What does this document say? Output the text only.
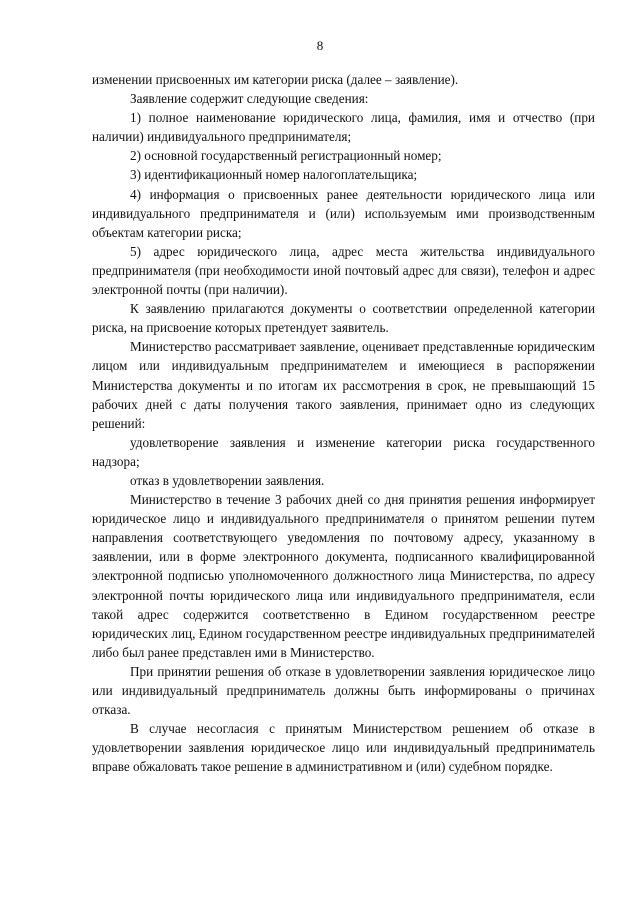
8

изменении присвоенных им категории риска (далее – заявление).

Заявление содержит следующие сведения:

1) полное наименование юридического лица, фамилия, имя и отчество (при наличии) индивидуального предпринимателя;

2) основной государственный регистрационный номер;

3) идентификационный номер налогоплательщика;

4) информация о присвоенных ранее деятельности юридического лица или индивидуального предпринимателя и (или) используемым ими производственным объектам категории риска;

5) адрес юридического лица, адрес места жительства индивидуального предпринимателя (при необходимости иной почтовый адрес для связи), телефон и адрес электронной почты (при наличии).

К заявлению прилагаются документы о соответствии определенной категории риска, на присвоение которых претендует заявитель.

Министерство рассматривает заявление, оценивает представленные юридическим лицом или индивидуальным предпринимателем и имеющиеся в распоряжении Министерства документы и по итогам их рассмотрения в срок, не превышающий 15 рабочих дней с даты получения такого заявления, принимает одно из следующих решений:

удовлетворение заявления и изменение категории риска государственного надзора;

отказ в удовлетворении заявления.

Министерство в течение 3 рабочих дней со дня принятия решения информирует юридическое лицо и индивидуального предпринимателя о принятом решении путем направления соответствующего уведомления по почтовому адресу, указанному в заявлении, или в форме электронного документа, подписанного квалифицированной электронной подписью уполномоченного должностного лица Министерства, по адресу электронной почты юридического лица или индивидуального предпринимателя, если такой адрес содержится соответственно в Едином государственном реестре юридических лиц, Едином государственном реестре индивидуальных предпринимателей либо был ранее представлен ими в Министерство.

При принятии решения об отказе в удовлетворении заявления юридическое лицо или индивидуальный предприниматель должны быть информированы о причинах отказа.

В случае несогласия с принятым Министерством решением об отказе в удовлетворении заявления юридическое лицо или индивидуальный предприниматель вправе обжаловать такое решение в административном и (или) судебном порядке.
